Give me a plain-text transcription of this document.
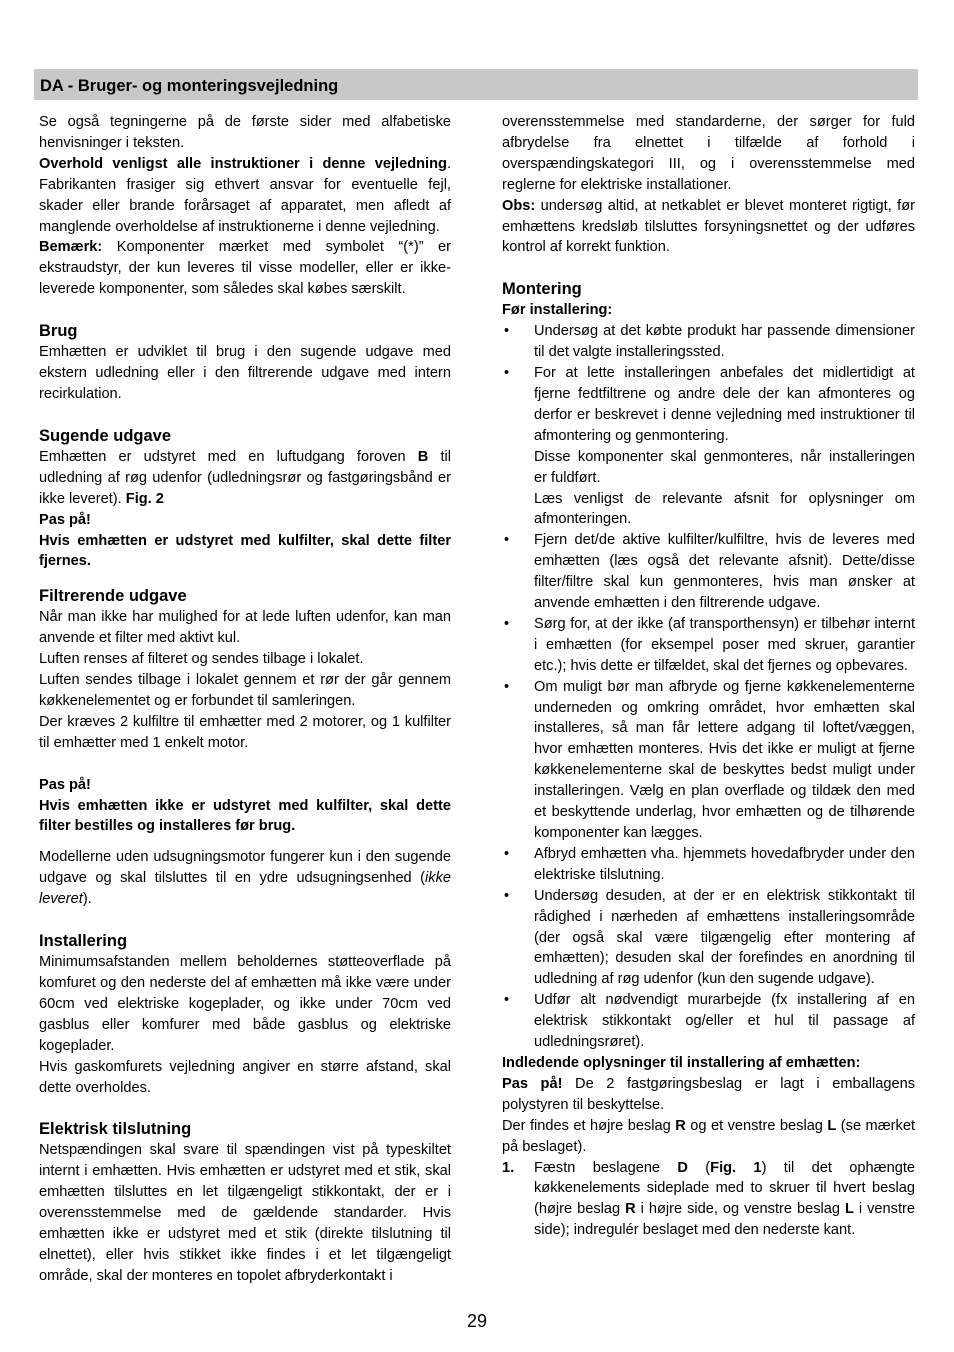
DA - Bruger- og monteringsvejledning

Se også tegningerne på de første sider med alfabetiske henvisninger i teksten.

Overhold venligst alle instruktioner i denne vejledning. Fabrikanten frasiger sig ethvert ansvar for eventuelle fejl, skader eller brande forårsaget af apparatet, men afledt af manglende overholdelse af instruktionerne i denne vejledning.

Bemærk: Komponenter mærket med symbolet “(*)” er ekstraudstyr, der kun leveres til visse modeller, eller er ikke-leverede komponenter, som således skal købes særskilt.

Brug

Emhætten er udviklet til brug i den sugende udgave med ekstern udledning eller i den filtrerende udgave med intern recirkulation.

Sugende udgave

Emhætten er udstyret med en luftudgang foroven B til udledning af røg udenfor (udledningsrør og fastgøringsbånd er ikke leveret). Fig. 2

Pas på!

Hvis emhætten er udstyret med kulfilter, skal dette filter fjernes.

Filtrerende udgave

Når man ikke har mulighed for at lede luften udenfor, kan man anvende et filter med aktivt kul.

Luften renses af filteret og sendes tilbage i lokalet.

Luften sendes tilbage i lokalet gennem et rør der går gennem køkkenelementet og er forbundet til samleringen.

Der kræves 2 kulfiltre til emhætter med 2 motorer, og 1 kulfilter til emhætter med 1 enkelt motor.

Pas på!

Hvis emhætten ikke er udstyret med kulfilter, skal dette filter bestilles og installeres før brug.

Modellerne uden udsugningsmotor fungerer kun i den sugende udgave og skal tilsluttes til en ydre udsugningsenhed (ikke leveret).

Installering

Minimumsafstanden mellem beholdernes støtteoverflade på komfuret og den nederste del af emhætten må ikke være under 60cm ved elektriske kogeplader, og ikke under 70cm ved gasblus eller komfurer med både gasblus og elektriske kogeplader.

Hvis gaskomfurets vejledning angiver en større afstand, skal dette overholdes.

Elektrisk tilslutning

Netspændingen skal svare til spændingen vist på typeskiltet internt i emhætten. Hvis emhætten er udstyret med et stik, skal emhætten tilsluttes en let tilgængeligt stikkontakt, der er i overensstemmelse med de gældende standarder. Hvis emhætten ikke er udstyret med et stik (direkte tilslutning til elnettet), eller hvis stikket ikke findes i et let tilgængeligt område, skal der monteres en topolet afbryderkontakt i

overensstemmelse med standarderne, der sørger for fuld afbrydelse fra elnettet i tilfælde af forhold i overspændingskategori III, og i overensstemmelse med reglerne for elektriske installationer.

Obs: undersøg altid, at netkablet er blevet monteret rigtigt, før emhættens kredsløb tilsluttes forsyningsnettet og der udføres kontrol af korrekt funktion.

Montering

Før installering:

• Undersøg at det købte produkt har passende dimensioner til det valgte installeringssted.
• For at lette installeringen anbefales det midlertidigt at fjerne fedtfiltrene og andre dele der kan afmonteres og derfor er beskrevet i denne vejledning med instruktioner til afmontering og genmontering.
Disse komponenter skal genmonteres, når installeringen er fuldført.
Læs venligst de relevante afsnit for oplysninger om afmonteringen.
• Fjern det/de aktive kulfilter/kulfiltre, hvis de leveres med emhætten (læs også det relevante afsnit). Dette/disse filter/filtre skal kun genmonteres, hvis man ønsker at anvende emhætten i den filtrerende udgave.
• Sørg for, at der ikke (af transporthensyn) er tilbehør internt i emhætten (for eksempel poser med skruer, garantier etc.); hvis dette er tilfældet, skal det fjernes og opbevares.
• Om muligt bør man afbryde og fjerne køkkenelementerne underneden og omkring området, hvor emhætten skal installeres, så man får lettere adgang til loftet/væggen, hvor emhætten monteres. Hvis det ikke er muligt at fjerne køkkenelementerne skal de beskyttes bedst muligt under installeringen. Vælg en plan overflade og tildæk den med et beskyttende underlag, hvor emhætten og de tilhørende komponenter kan lægges.
• Afbryd emhætten vha. hjemmets hovedafbryder under den elektriske tilslutning.
• Undersøg desuden, at der er en elektrisk stikkontakt til rådighed i nærheden af emhættens installeringsområde (der også skal være tilgængelig efter montering af emhætten); desuden skal der forefindes en anordning til udledning af røg udenfor (kun den sugende udgave).
• Udfør alt nødvendigt murarbejde (fx installering af en elektrisk stikkontakt og/eller et hul til passage af udledningsrøret).

Indledende oplysninger til installering af emhætten:

Pas på! De 2 fastgøringsbeslag er lagt i emballagens polystyren til beskyttelse.

Der findes et højre beslag R og et venstre beslag L (se mærket på beslaget).

1. Fæstn beslagene D (Fig. 1) til det ophængte køkkenelements sideplade med to skruer til hvert beslag (højre beslag R i højre side, og venstre beslag L i venstre side); indregulér beslaget med den nederste kant.
29
